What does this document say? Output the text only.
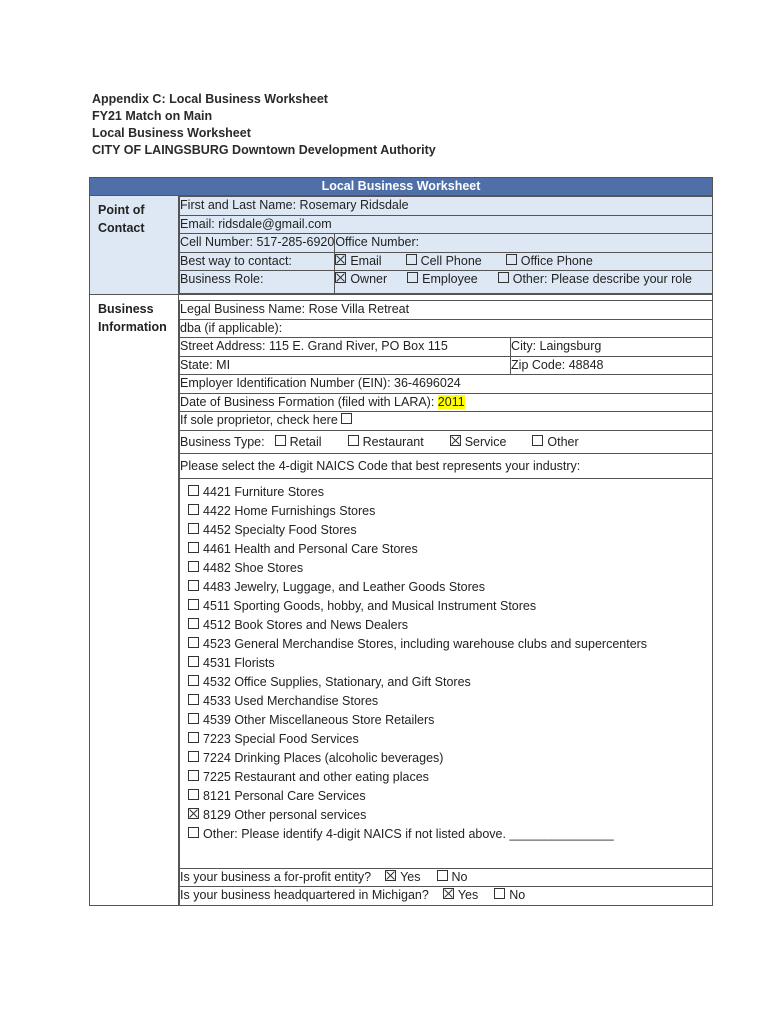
Appendix C: Local Business Worksheet
FY21 Match on Main
Local Business Worksheet
CITY OF LAINGSBURG Downtown Development Authority
Local Business Worksheet

Point of
Contact

First and Last Name: Rosemary Ridsdale
Email: ridsdale@gmail.com
Cell Number: 517-285-6920	Office Number:
Best way to contact:	Email	Cell Phone	Office Phone
Business Role:	Owner	Employee	Other: Please describe your role

Business
Information

Legal Business Name: Rose Villa Retreat
dba (if applicable):
Street Address: 115 E. Grand River, PO Box 115	City: Laingsburg
State: MI	Zip Code: 48848
Employer Identification Number (EIN): 36-4696024
Date of Business Formation (filed with LARA): 2011
If sole proprietor, check here
Business Type: Retail	Restaurant	Service	Other
Please select the 4-digit NAICS Code that best represents your industry:

4421 Furniture Stores
4422 Home Furnishings Stores
4452 Specialty Food Stores
4461 Health and Personal Care Stores
4482 Shoe Stores
4483 Jewelry, Luggage, and Leather Goods Stores
4511 Sporting Goods, hobby, and Musical Instrument Stores
4512 Book Stores and News Dealers
4523 General Merchandise Stores, including warehouse clubs and supercenters
4531 Florists
4532 Office Supplies, Stationary, and Gift Stores
4533 Used Merchandise Stores
4539 Other Miscellaneous Store Retailers
7223 Special Food Services
7224 Drinking Places (alcoholic beverages)
7225 Restaurant and other eating places
8121 Personal Care Services
8129 Other personal services
Other: Please identify 4-digit NAICS if not listed above. _______________

Is your business a for-profit entity? Yes No
Is your business headquartered in Michigan? Yes No
